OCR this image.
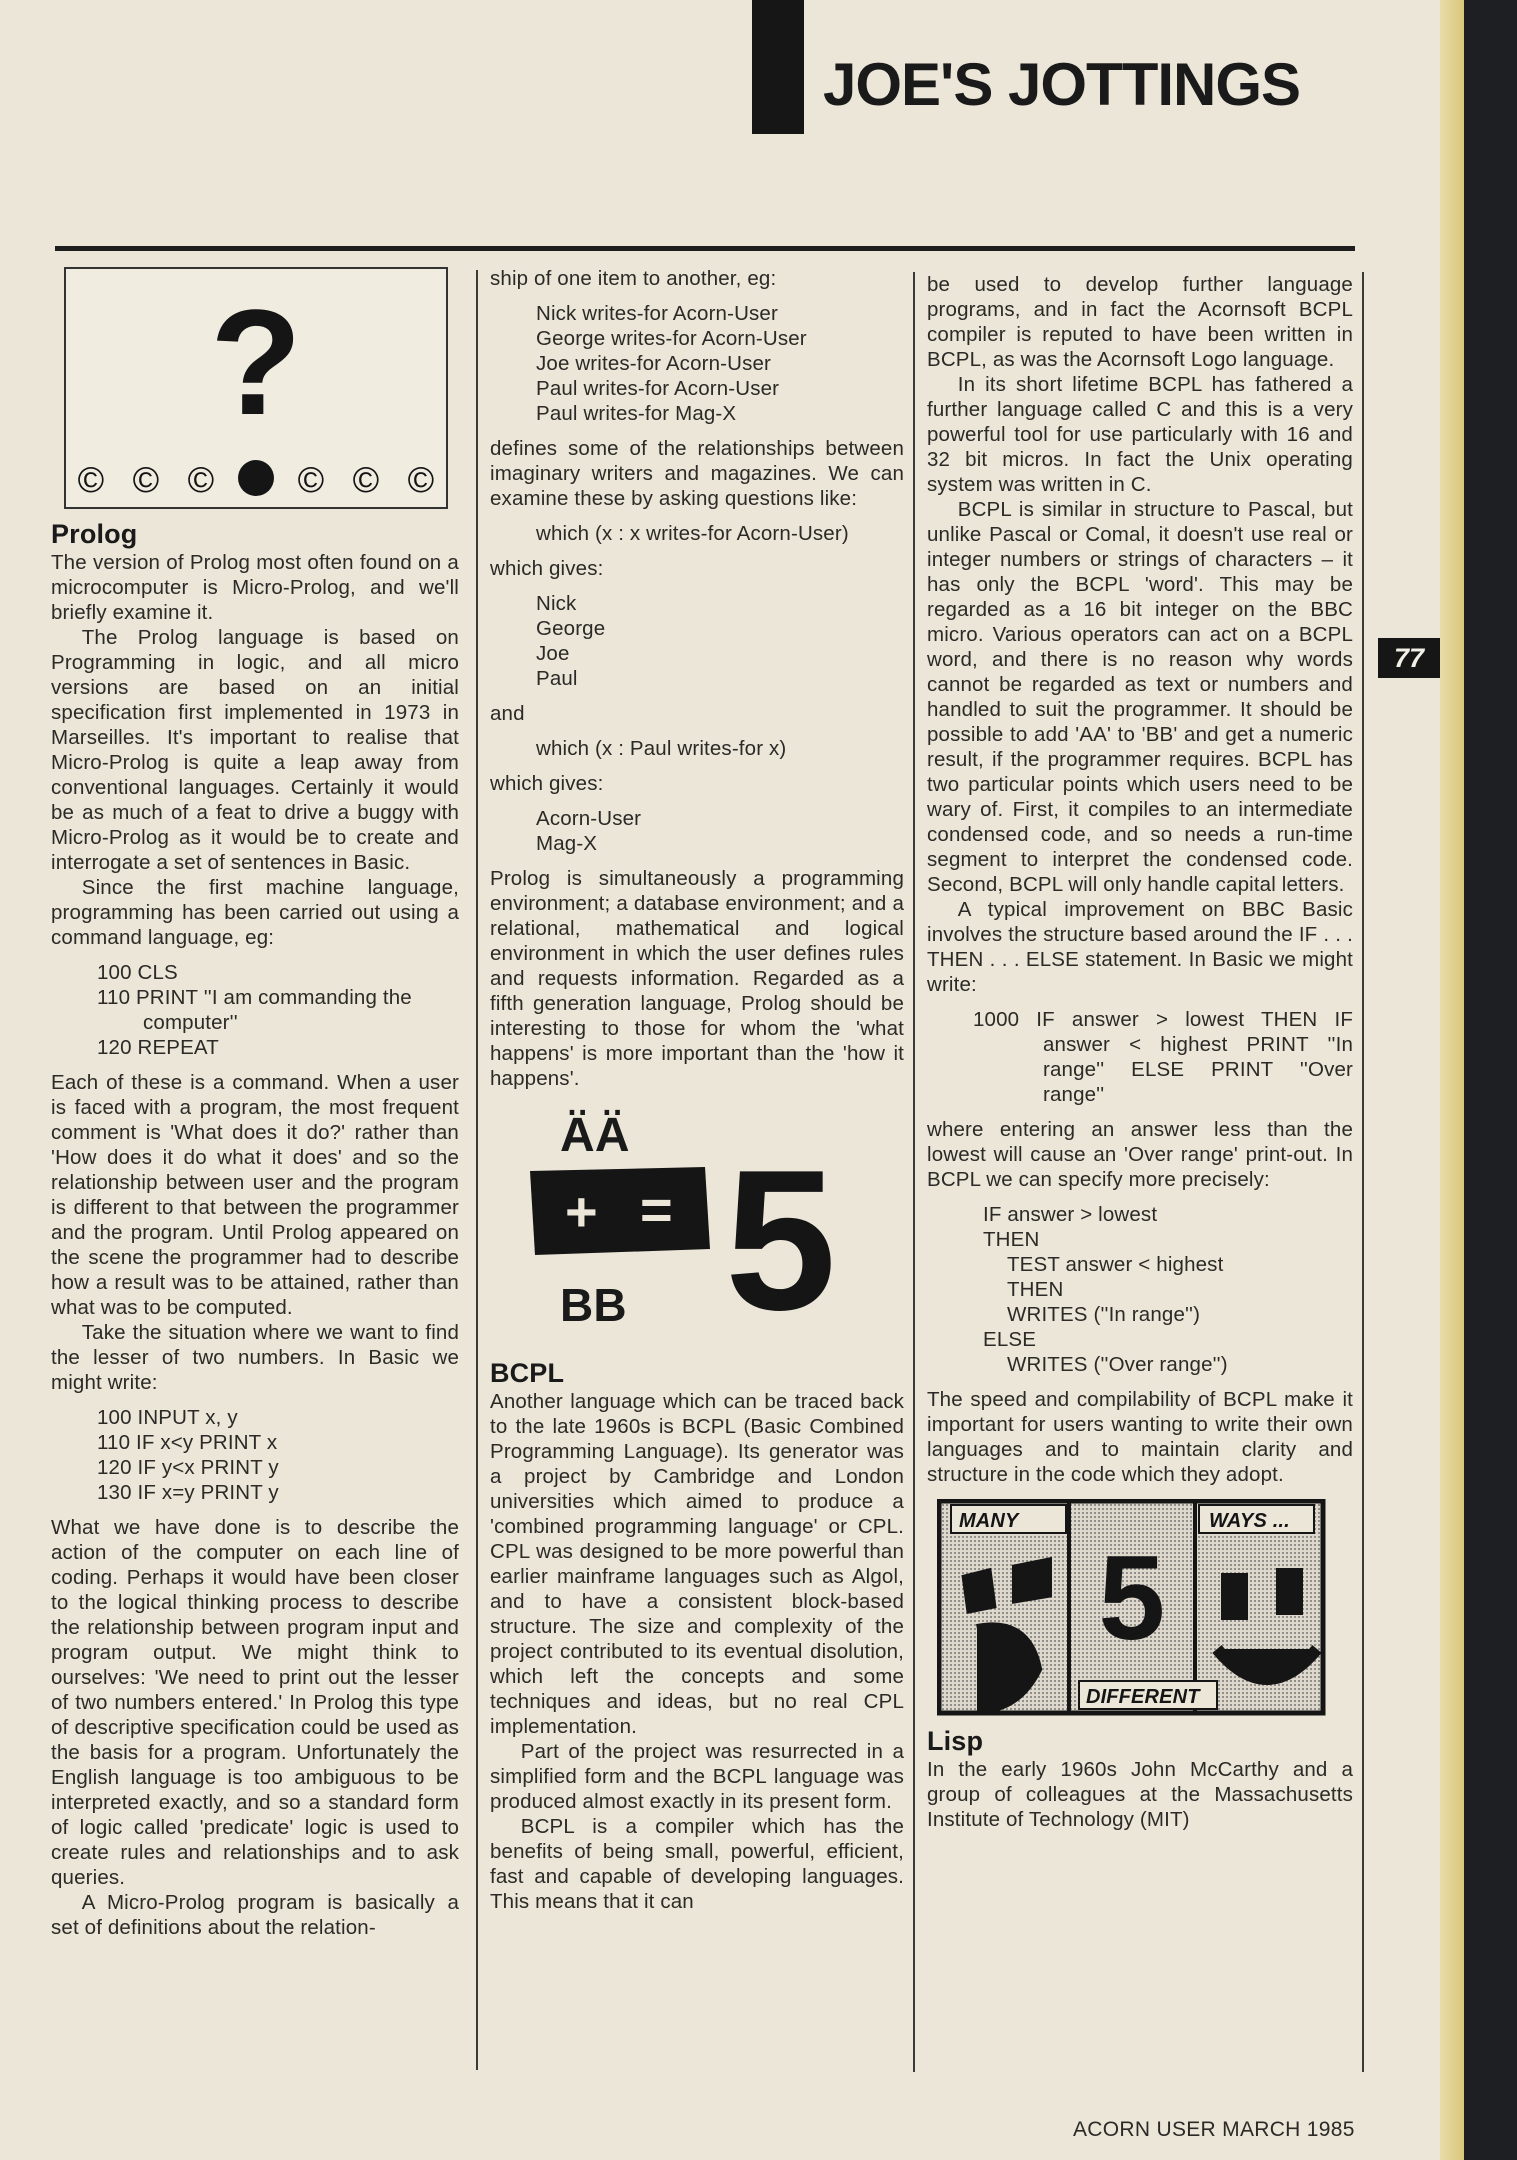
JOE'S JOTTINGS
?
© © © © © ©
Prolog

The version of Prolog most often found on a microcomputer is Micro-Prolog, and we'll briefly examine it.

The Prolog language is based on Programming in logic, and all micro versions are based on an initial specification first implemented in 1973 in Marseilles. It's important to realise that Micro-Prolog is quite a leap away from conventional languages. Certainly it would be as much of a feat to drive a buggy with Micro-Prolog as it would be to create and interrogate a set of sentences in Basic.

Since the first machine language, programming has been carried out using a command language, eg:

100 CLS
110 PRINT ''I am commanding the computer''
120 REPEAT

Each of these is a command. When a user is faced with a program, the most frequent comment is 'What does it do?' rather than 'How does it do what it does' and so the relationship between user and the program is different to that between the programmer and the program. Until Prolog appeared on the scene the programmer had to describe how a result was to be attained, rather than what was to be computed.

Take the situation where we want to find the lesser of two numbers. In Basic we might write:

100 INPUT x, y
110 IF x<y PRINT x
120 IF y<x PRINT y
130 IF x=y PRINT y

What we have done is to describe the action of the computer on each line of coding. Perhaps it would have been closer to the logical thinking process to describe the relationship between program input and program output. We might think to ourselves: 'We need to print out the lesser of two numbers entered.' In Prolog this type of descriptive specification could be used as the basis for a program. Unfortunately the English language is too ambiguous to be interpreted exactly, and so a standard form of logic called 'predicate' logic is used to create rules and relationships and to ask queries.

A Micro-Prolog program is basically a set of definitions about the relation-

ship of one item to another, eg:

Nick writes-for Acorn-User
George writes-for Acorn-User
Joe writes-for Acorn-User
Paul writes-for Acorn-User
Paul writes-for Mag-X

defines some of the relationships between imaginary writers and magazines. We can examine these by asking questions like:

which (x : x writes-for Acorn-User)

which gives:

Nick
George
Joe
Paul

and

which (x : Paul writes-for x)

which gives:

Acorn-User
Mag-X

Prolog is simultaneously a programming environment; a database environment; and a relational, mathematical and logical environment in which the user defines rules and requests information. Regarded as a fifth generation language, Prolog should be interesting to those for whom the 'what happens' is more important than the 'how it happens'.

ÄÄ
+ = 5
BB
BCPL

Another language which can be traced back to the late 1960s is BCPL (Basic Combined Programming Language). Its generator was a project by Cambridge and London universities which aimed to produce a 'combined programming language' or CPL. CPL was designed to be more powerful than earlier mainframe languages such as Algol, and to have a consistent block-based structure. The size and complexity of the project contributed to its eventual disolution, which left the concepts and some techniques and ideas, but no real CPL implementation.

Part of the project was resurrected in a simplified form and the BCPL language was produced almost exactly in its present form.

BCPL is a compiler which has the benefits of being small, powerful, efficient, fast and capable of developing languages. This means that it can

be used to develop further language programs, and in fact the Acornsoft BCPL compiler is reputed to have been written in BCPL, as was the Acornsoft Logo language.

In its short lifetime BCPL has fathered a further language called C and this is a very powerful tool for use particularly with 16 and 32 bit micros. In fact the Unix operating system was written in C.

BCPL is similar in structure to Pascal, but unlike Pascal or Comal, it doesn't use real or integer numbers or strings of characters – it has only the BCPL 'word'. This may be regarded as a 16 bit integer on the BBC micro. Various operators can act on a BCPL word, and there is no reason why words cannot be regarded as text or numbers and handled to suit the programmer. It should be possible to add 'AA' to 'BB' and get a numeric result, if the programmer requires. BCPL has two particular points which users need to be wary of. First, it compiles to an intermediate condensed code, and so needs a run-time segment to interpret the condensed code. Second, BCPL will only handle capital letters.

A typical improvement on BBC Basic involves the structure based around the IF . . . THEN . . . ELSE statement. In Basic we might write:

1000 IF answer > lowest THEN IF answer < highest PRINT ''In range'' ELSE PRINT ''Over range''

where entering an answer less than the lowest will cause an 'Over range' print-out. In BCPL we can specify more precisely:

IF answer > lowest
THEN
TEST answer < highest
THEN
WRITES (''In range'')
ELSE
WRITES (''Over range'')

The speed and compilability of BCPL make it important for users wanting to write their own languages and to maintain clarity and structure in the code which they adopt.

MANY	WAYS ...
5
DIFFERENT
Lisp

In the early 1960s John McCarthy and a group of colleagues at the Massachusetts Institute of Technology (MIT)

77
ACORN USER MARCH 1985
